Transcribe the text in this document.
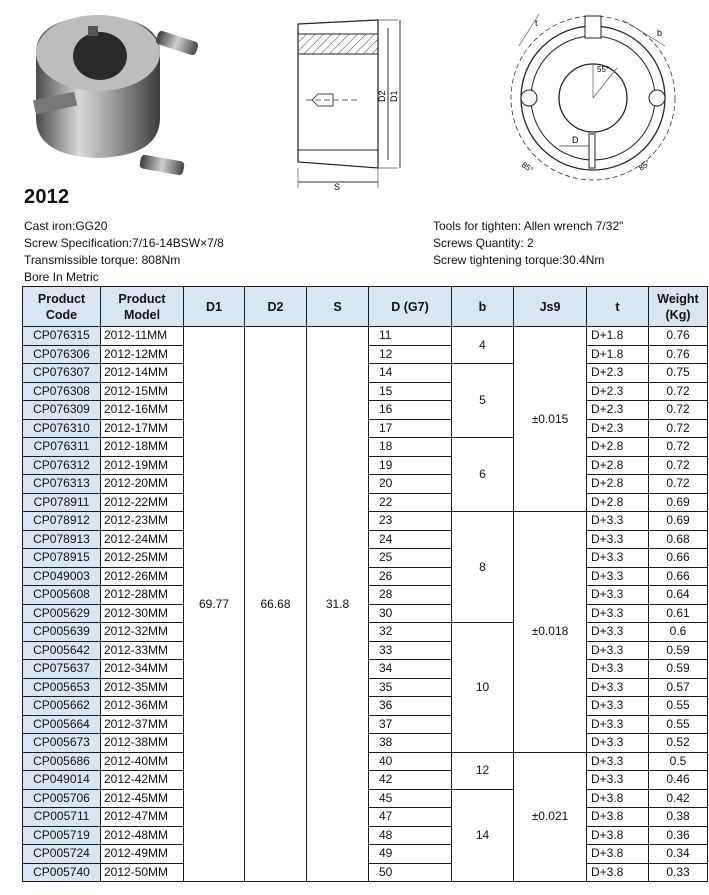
D2 D1
S
55°
b
t
D
85°	85°
2012
Cast iron:GG20
Screw Specification:7/16-14BSW×7/8
Transmissible torque: 808Nm
Bore In Metric
Tools for tighten: Allen wrench 7/32"
Screws Quantity: 2
Screw tightening torque:30.4Nm
Product Code	Product Model	D1	D2	S	D (G7)	b	Js9	t	Weight (Kg)
CP076315	2012-11MM	69.77	66.68	31.8	11	4	±0.015	D+1.8	0.76
CP076306	2012-12MM				12			D+1.8	0.76
CP076307	2012-14MM				14	5		D+2.3	0.75
CP076308	2012-15MM				15			D+2.3	0.72
CP076309	2012-16MM				16			D+2.3	0.72
CP076310	2012-17MM				17			D+2.3	0.72
CP076311	2012-18MM				18	6		D+2.8	0.72
CP076312	2012-19MM				19			D+2.8	0.72
CP076313	2012-20MM				20			D+2.8	0.72
CP078911	2012-22MM				22			D+2.8	0.69
CP078912	2012-23MM				23	8	±0.018	D+3.3	0.69
CP078913	2012-24MM				24			D+3.3	0.68
CP078915	2012-25MM				25			D+3.3	0.66
CP049003	2012-26MM				26			D+3.3	0.66
CP005608	2012-28MM				28			D+3.3	0.64
CP005629	2012-30MM				30			D+3.3	0.61
CP005639	2012-32MM				32	10		D+3.3	0.6
CP005642	2012-33MM				33			D+3.3	0.59
CP075637	2012-34MM				34			D+3.3	0.59
CP005653	2012-35MM				35			D+3.3	0.57
CP005662	2012-36MM				36			D+3.3	0.55
CP005664	2012-37MM				37			D+3.3	0.55
CP005673	2012-38MM				38			D+3.3	0.52
CP005686	2012-40MM				40	12	±0.021	D+3.3	0.5
CP049014	2012-42MM				42			D+3.3	0.46
CP005706	2012-45MM				45	14		D+3.8	0.42
CP005711	2012-47MM				47			D+3.8	0.38
CP005719	2012-48MM				48			D+3.8	0.36
CP005724	2012-49MM				49			D+3.8	0.34
CP005740	2012-50MM				50			D+3.8	0.33
